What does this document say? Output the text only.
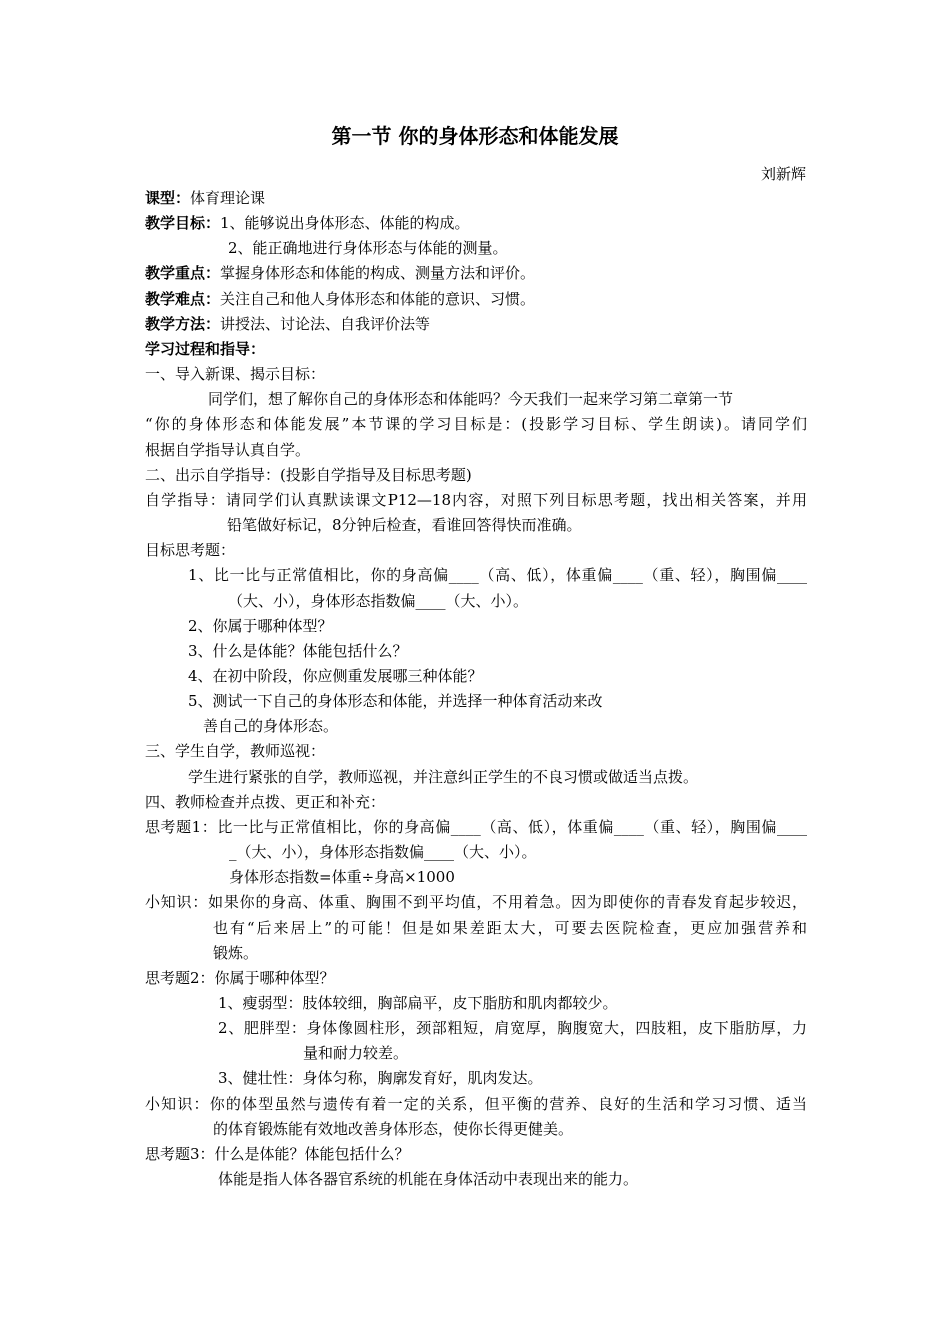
第一节 你的身体形态和体能发展
刘新辉
课型：体育理论课
教学目标：1、能够说出身体形态、体能的构成。
2、能正确地进行身体形态与体能的测量。
教学重点：掌握身体形态和体能的构成、测量方法和评价。
教学难点：关注自己和他人身体形态和体能的意识、习惯。
教学方法：讲授法、讨论法、自我评价法等
学习过程和指导：
一、导入新课、揭示目标：
同学们，想了解你自己的身体形态和体能吗？今天我们一起来学习第二章第一节
“你的身体形态和体能发展”本节课的学习目标是：(投影学习目标、学生朗读)。请同学们
根据自学指导认真自学。
二、出示自学指导：(投影自学指导及目标思考题)
自学指导：请同学们认真默读课文P12—18内容，对照下列目标思考题，找出相关答案，并用
铅笔做好标记，8分钟后检查，看谁回答得快而准确。
目标思考题：
1、比一比与正常值相比，你的身高偏____（高、低），体重偏____（重、轻），胸围偏____
（大、小），身体形态指数偏____（大、小）。
2、你属于哪种体型？
3、什么是体能？体能包括什么？
4、在初中阶段，你应侧重发展哪三种体能？
5、测试一下自己的身体形态和体能，并选择一种体育活动来改
善自己的身体形态。
三、学生自学，教师巡视：
学生进行紧张的自学，教师巡视，并注意纠正学生的不良习惯或做适当点拨。
四、教师检查并点拨、更正和补充：
思考题1：比一比与正常值相比，你的身高偏____（高、低），体重偏____（重、轻），胸围偏____
_（大、小），身体形态指数偏____（大、小）。
身体形态指数=体重÷身高×1000
小知识：如果你的身高、体重、胸围不到平均值，不用着急。因为即使你的青春发育起步较迟，
也有“后来居上”的可能！但是如果差距太大，可要去医院检查，更应加强营养和
锻炼。
思考题2：你属于哪种体型？
1、瘦弱型：肢体较细，胸部扁平，皮下脂肪和肌肉都较少。
2、肥胖型：身体像圆柱形，颈部粗短，肩宽厚，胸腹宽大，四肢粗，皮下脂肪厚，力
量和耐力较差。
3、健壮性：身体匀称，胸廓发育好，肌肉发达。
小知识：你的体型虽然与遗传有着一定的关系，但平衡的营养、良好的生活和学习习惯、适当
的体育锻炼能有效地改善身体形态，使你长得更健美。
思考题3：什么是体能？体能包括什么？
体能是指人体各器官系统的机能在身体活动中表现出来的能力。
